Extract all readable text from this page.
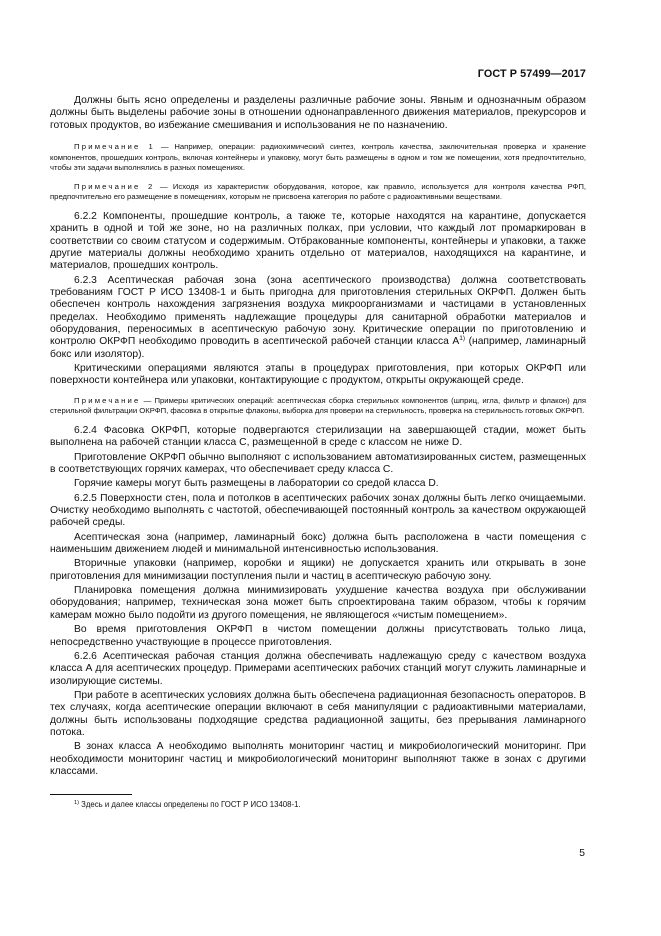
ГОСТ Р 57499—2017

Должны быть ясно определены и разделены различные рабочие зоны. Явным и однозначным образом должны быть выделены рабочие зоны в отношении однонаправленного движения материалов, прекурсоров и готовых продуктов, во избежание смешивания и использования не по назначению.

Примечание 1 — Например, операции: радиохимический синтез, контроль качества, заключительная проверка и хранение компонентов, прошедших контроль, включая контейнеры и упаковку, могут быть размещены в одном и том же помещении, хотя предпочтительно, чтобы эти задачи выполнялись в разных помещениях.

Примечание 2 — Исходя из характеристик оборудования, которое, как правило, используется для контроля качества РФП, предпочтительно его размещение в помещениях, которым не присвоена категория по работе с радиоактивными веществами.

6.2.2 Компоненты, прошедшие контроль, а также те, которые находятся на карантине, допускается хранить в одной и той же зоне, но на различных полках, при условии, что каждый лот промаркирован в соответствии со своим статусом и содержимым. Отбракованные компоненты, контейнеры и упаковки, а также другие материалы должны необходимо хранить отдельно от материалов, находящихся на карантине, и материалов, прошедших контроль.

6.2.3 Асептическая рабочая зона (зона асептического производства) должна соответствовать требованиям ГОСТ Р ИСО 13408-1 и быть пригодна для приготовления стерильных ОКРФП. Должен быть обеспечен контроль нахождения загрязнения воздуха микроорганизмами и частицами в установленных пределах. Необходимо применять надлежащие процедуры для санитарной обработки материалов и оборудования, переносимых в асептическую рабочую зону. Критические операции по приготовлению и контролю ОКРФП необходимо проводить в асептической рабочей станции класса $А^{1)}$ (например, ламинарный бокс или изолятор).

Критическими операциями являются этапы в процедурах приготовления, при которых ОКРФП или поверхности контейнера или упаковки, контактирующие с продуктом, открыты окружающей среде.

Примечание — Примеры критических операций: асептическая сборка стерильных компонентов (шприц, игла, фильтр и флакон) для стерильной фильтрации ОКРФП, фасовка в открытые флаконы, выборка для проверки на стерильность, проверка на стерильность готовых ОКРФП.

6.2.4 Фасовка ОКРФП, которые подвергаются стерилизации на завершающей стадии, может быть выполнена на рабочей станции класса С, размещенной в среде с классом не ниже D.

Приготовление ОКРФП обычно выполняют с использованием автоматизированных систем, размещенных в соответствующих горячих камерах, что обеспечивает среду класса С.

Горячие камеры могут быть размещены в лаборатории со средой класса D.

6.2.5 Поверхности стен, пола и потолков в асептических рабочих зонах должны быть легко очищаемыми. Очистку необходимо выполнять с частотой, обеспечивающей постоянный контроль за качеством окружающей рабочей среды.

Асептическая зона (например, ламинарный бокс) должна быть расположена в части помещения с наименьшим движением людей и минимальной интенсивностью использования.

Вторичные упаковки (например, коробки и ящики) не допускается хранить или открывать в зоне приготовления для минимизации поступления пыли и частиц в асептическую рабочую зону.

Планировка помещения должна минимизировать ухудшение качества воздуха при обслуживании оборудования; например, техническая зона может быть спроектирована таким образом, чтобы к горячим камерам можно было подойти из другого помещения, не являющегося «чистым помещением».

Во время приготовления ОКРФП в чистом помещении должны присутствовать только лица, непосредственно участвующие в процессе приготовления.

6.2.6 Асептическая рабочая станция должна обеспечивать надлежащую среду с качеством воздуха класса А для асептических процедур. Примерами асептических рабочих станций могут служить ламинарные и изолирующие системы.

При работе в асептических условиях должна быть обеспечена радиационная безопасность операторов. В тех случаях, когда асептические операции включают в себя манипуляции с радиоактивными материалами, должны быть использованы подходящие средства радиационной защиты, без прерывания ламинарного потока.

В зонах класса А необходимо выполнять мониторинг частиц и микробиологический мониторинг. При необходимости мониторинг частиц и микробиологический мониторинг выполняют также в зонах с другими классами.

$^{1)}$ Здесь и далее классы определены по ГОСТ Р ИСО 13408-1.

5
